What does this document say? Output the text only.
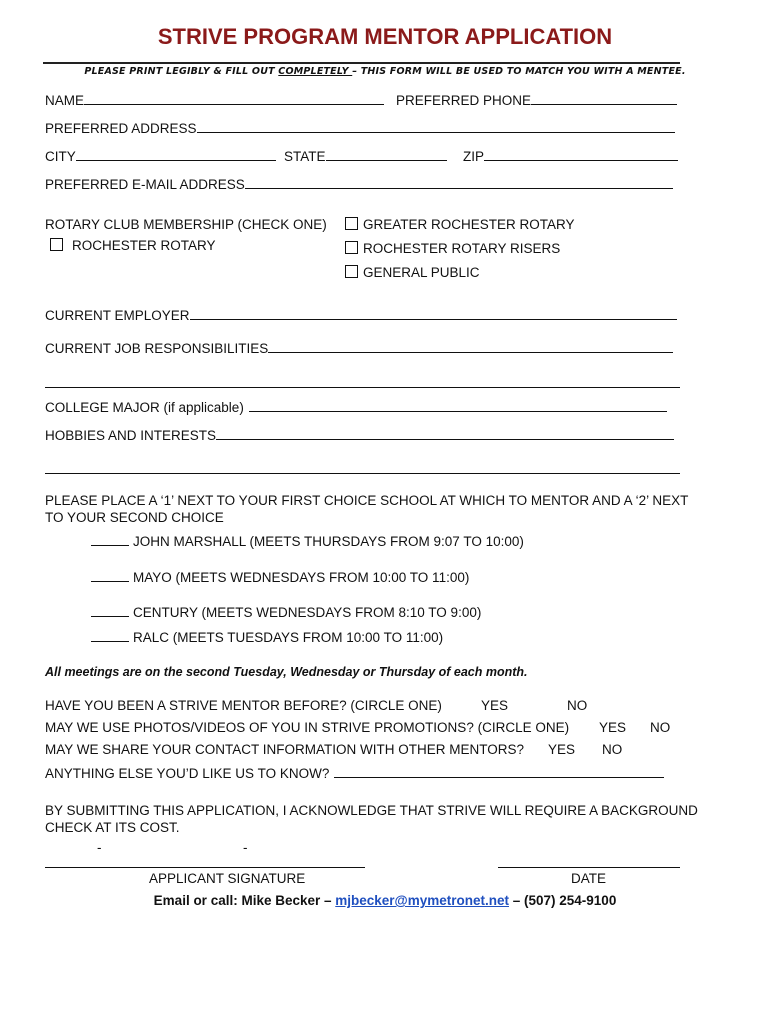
STRIVE PROGRAM MENTOR APPLICATION
PLEASE PRINT LEGIBLY & FILL OUT COMPLETELY – THIS FORM WILL BE USED TO MATCH YOU WITH A MENTEE.
NAME	PREFERRED PHONE
PREFERRED ADDRESS
CITY	STATE	ZIP
PREFERRED E-MAIL ADDRESS
ROTARY CLUB MEMBERSHIP (CHECK ONE)	GREATER ROCHESTER ROTARY
ROCHESTER ROTARY	ROCHESTER ROTARY RISERS
GENERAL PUBLIC
CURRENT EMPLOYER
CURRENT JOB RESPONSIBILITIES
COLLEGE MAJOR (if applicable)
HOBBIES AND INTERESTS
PLEASE PLACE A ‘1’ NEXT TO YOUR FIRST CHOICE SCHOOL AT WHICH TO MENTOR AND A ‘2’ NEXT
TO YOUR SECOND CHOICE
JOHN MARSHALL (MEETS THURSDAYS FROM 9:07 TO 10:00)
MAYO (MEETS WEDNESDAYS FROM 10:00 TO 11:00)
CENTURY (MEETS WEDNESDAYS FROM 8:10 TO 9:00)
RALC (MEETS TUESDAYS FROM 10:00 TO 11:00)
All meetings are on the second Tuesday, Wednesday or Thursday of each month.
HAVE YOU BEEN A STRIVE MENTOR BEFORE? (CIRCLE ONE)	YES	NO
MAY WE USE PHOTOS/VIDEOS OF YOU IN STRIVE PROMOTIONS? (CIRCLE ONE) YES NO
MAY WE SHARE YOUR CONTACT INFORMATION WITH OTHER MENTORS? YES NO
ANYTHING ELSE YOU’D LIKE US TO KNOW?
BY SUBMITTING THIS APPLICATION, I ACKNOWLEDGE THAT STRIVE WILL REQUIRE A BACKGROUND
CHECK AT ITS COST.
-	-
APPLICANT SIGNATURE	DATE
Email or call: Mike Becker – mjbecker@mymetronet.net – (507) 254-9100
